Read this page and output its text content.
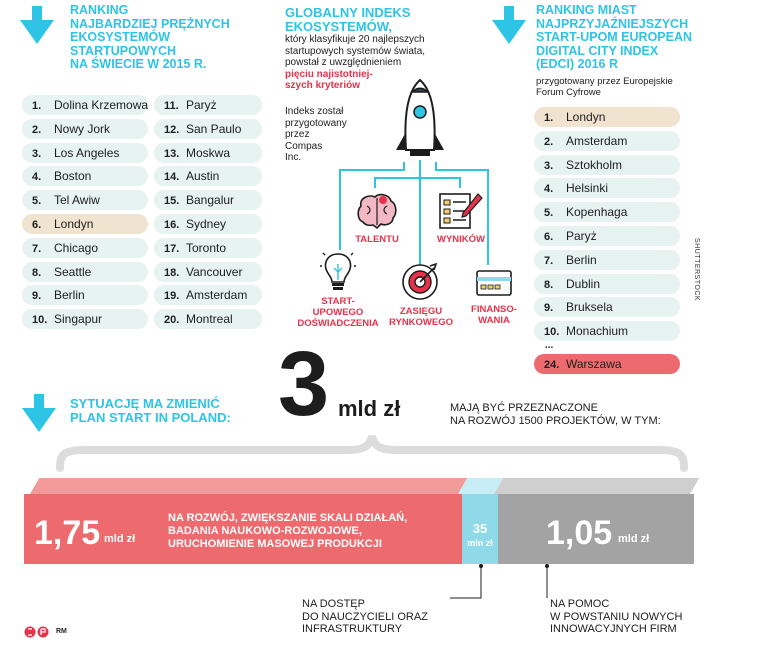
RANKING
NAJBARDZIEJ PRĘŻNYCH
EKOSYSTEMÓW
STARTUPOWYCH
NA ŚWIECIE W 2015 R.
1. Dolina Krzemowa
2. Nowy Jork
3. Los Angeles
4. Boston
5. Tel Awiw
6. Londyn
7. Chicago
8. Seattle
9. Berlin
10. Singapur
11. Paryż
12. San Paulo
13. Moskwa
14. Austin
15. Bangalur
16. Sydney
17. Toronto
18. Vancouver
19. Amsterdam
20. Montreal
GLOBALNY INDEKS
EKOSYSTEMÓW,
który klasyfikuje 20 najlepszych
startupowych systemów świata,
powstał z uwzględnieniem
pięciu najistotniej-
szych kryteriów
Indeks został
przygotowany
przez
Compas
Inc.
TALENTU	WYNIKÓW
START-
UPOWEGO
DOŚWIADCZENIA
ZASIĘGU
RYNKOWEGO
FINANSO-
WANIA
RANKING MIAST
NAJPRZYJAŹNIEJSZYCH
START-UPOM EUROPEAN
DIGITAL CITY INDEX
(EDCI) 2016 R
przygotowany przez Europejskie
Forum Cyfrowe
1. Londyn
2. Amsterdam
3. Sztokholm
4. Helsinki
5. Kopenhaga
6. Paryż
7. Berlin
8. Dublin
9. Bruksela
10. Monachium
...
24. Warszawa
SHUTTERSTOCK
SYTUACJĘ MA ZMIENIĆ
PLAN START IN POLAND: 3 mld zł	MAJĄ BYĆ PRZEZNACZONE
NA ROZWÓJ 1500 PROJEKTÓW, W TYM:
1,75 mld zł
NA ROZWÓJ, ZWIĘKSZANIE SKALI DZIAŁAŃ,
BADANIA NAUKOWO-ROZWOJOWE,
URUCHOMIENIE MASOWEJ PRODUKCJI
35
mln zł 1,05 mld zł
NA DOSTĘP
DO NAUCZYCIELI ORAZ
INFRASTRUKTURY
NA POMOC
W POWSTANIU NOWYCH
INNOWACYJNYCH FIRM
RM
